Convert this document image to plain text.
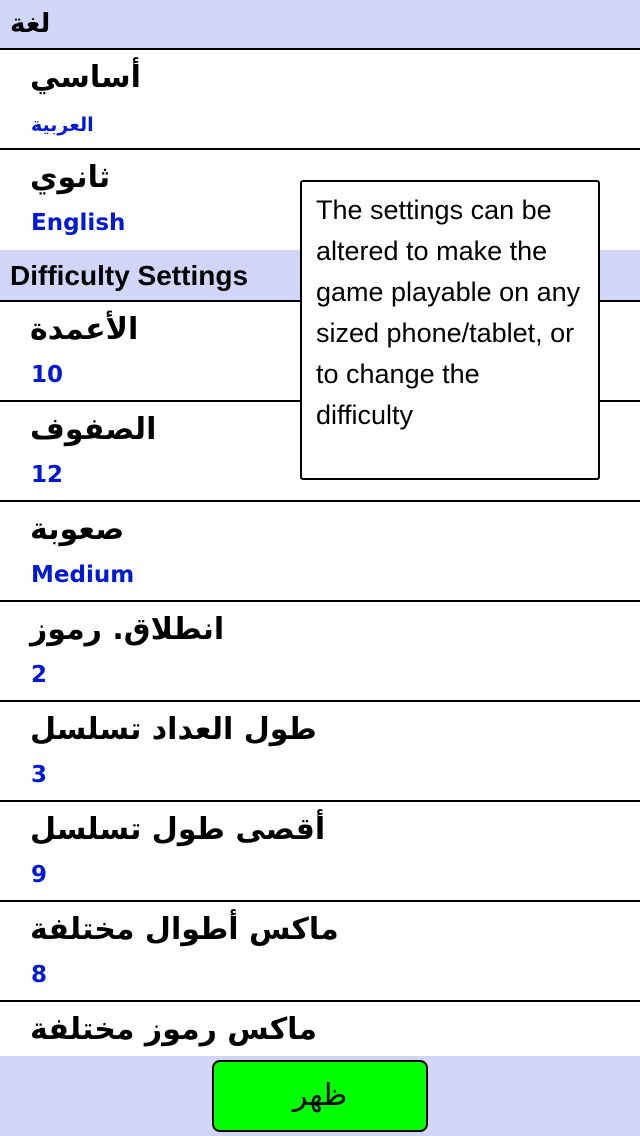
لغة
أساسي
العربية
ثانوي
English
Difficulty Settings
الأعمدة
10
الصفوف
12
صعوبة
Medium
انطلاق. رموز
2
طول العداد تسلسل
3
أقصى طول تسلسل
9
ماكس أطوال مختلفة
8
ماكس رموز مختلفة
The settings can be altered to make the game playable on any sized phone/tablet, or to change the difficulty
ظهر
